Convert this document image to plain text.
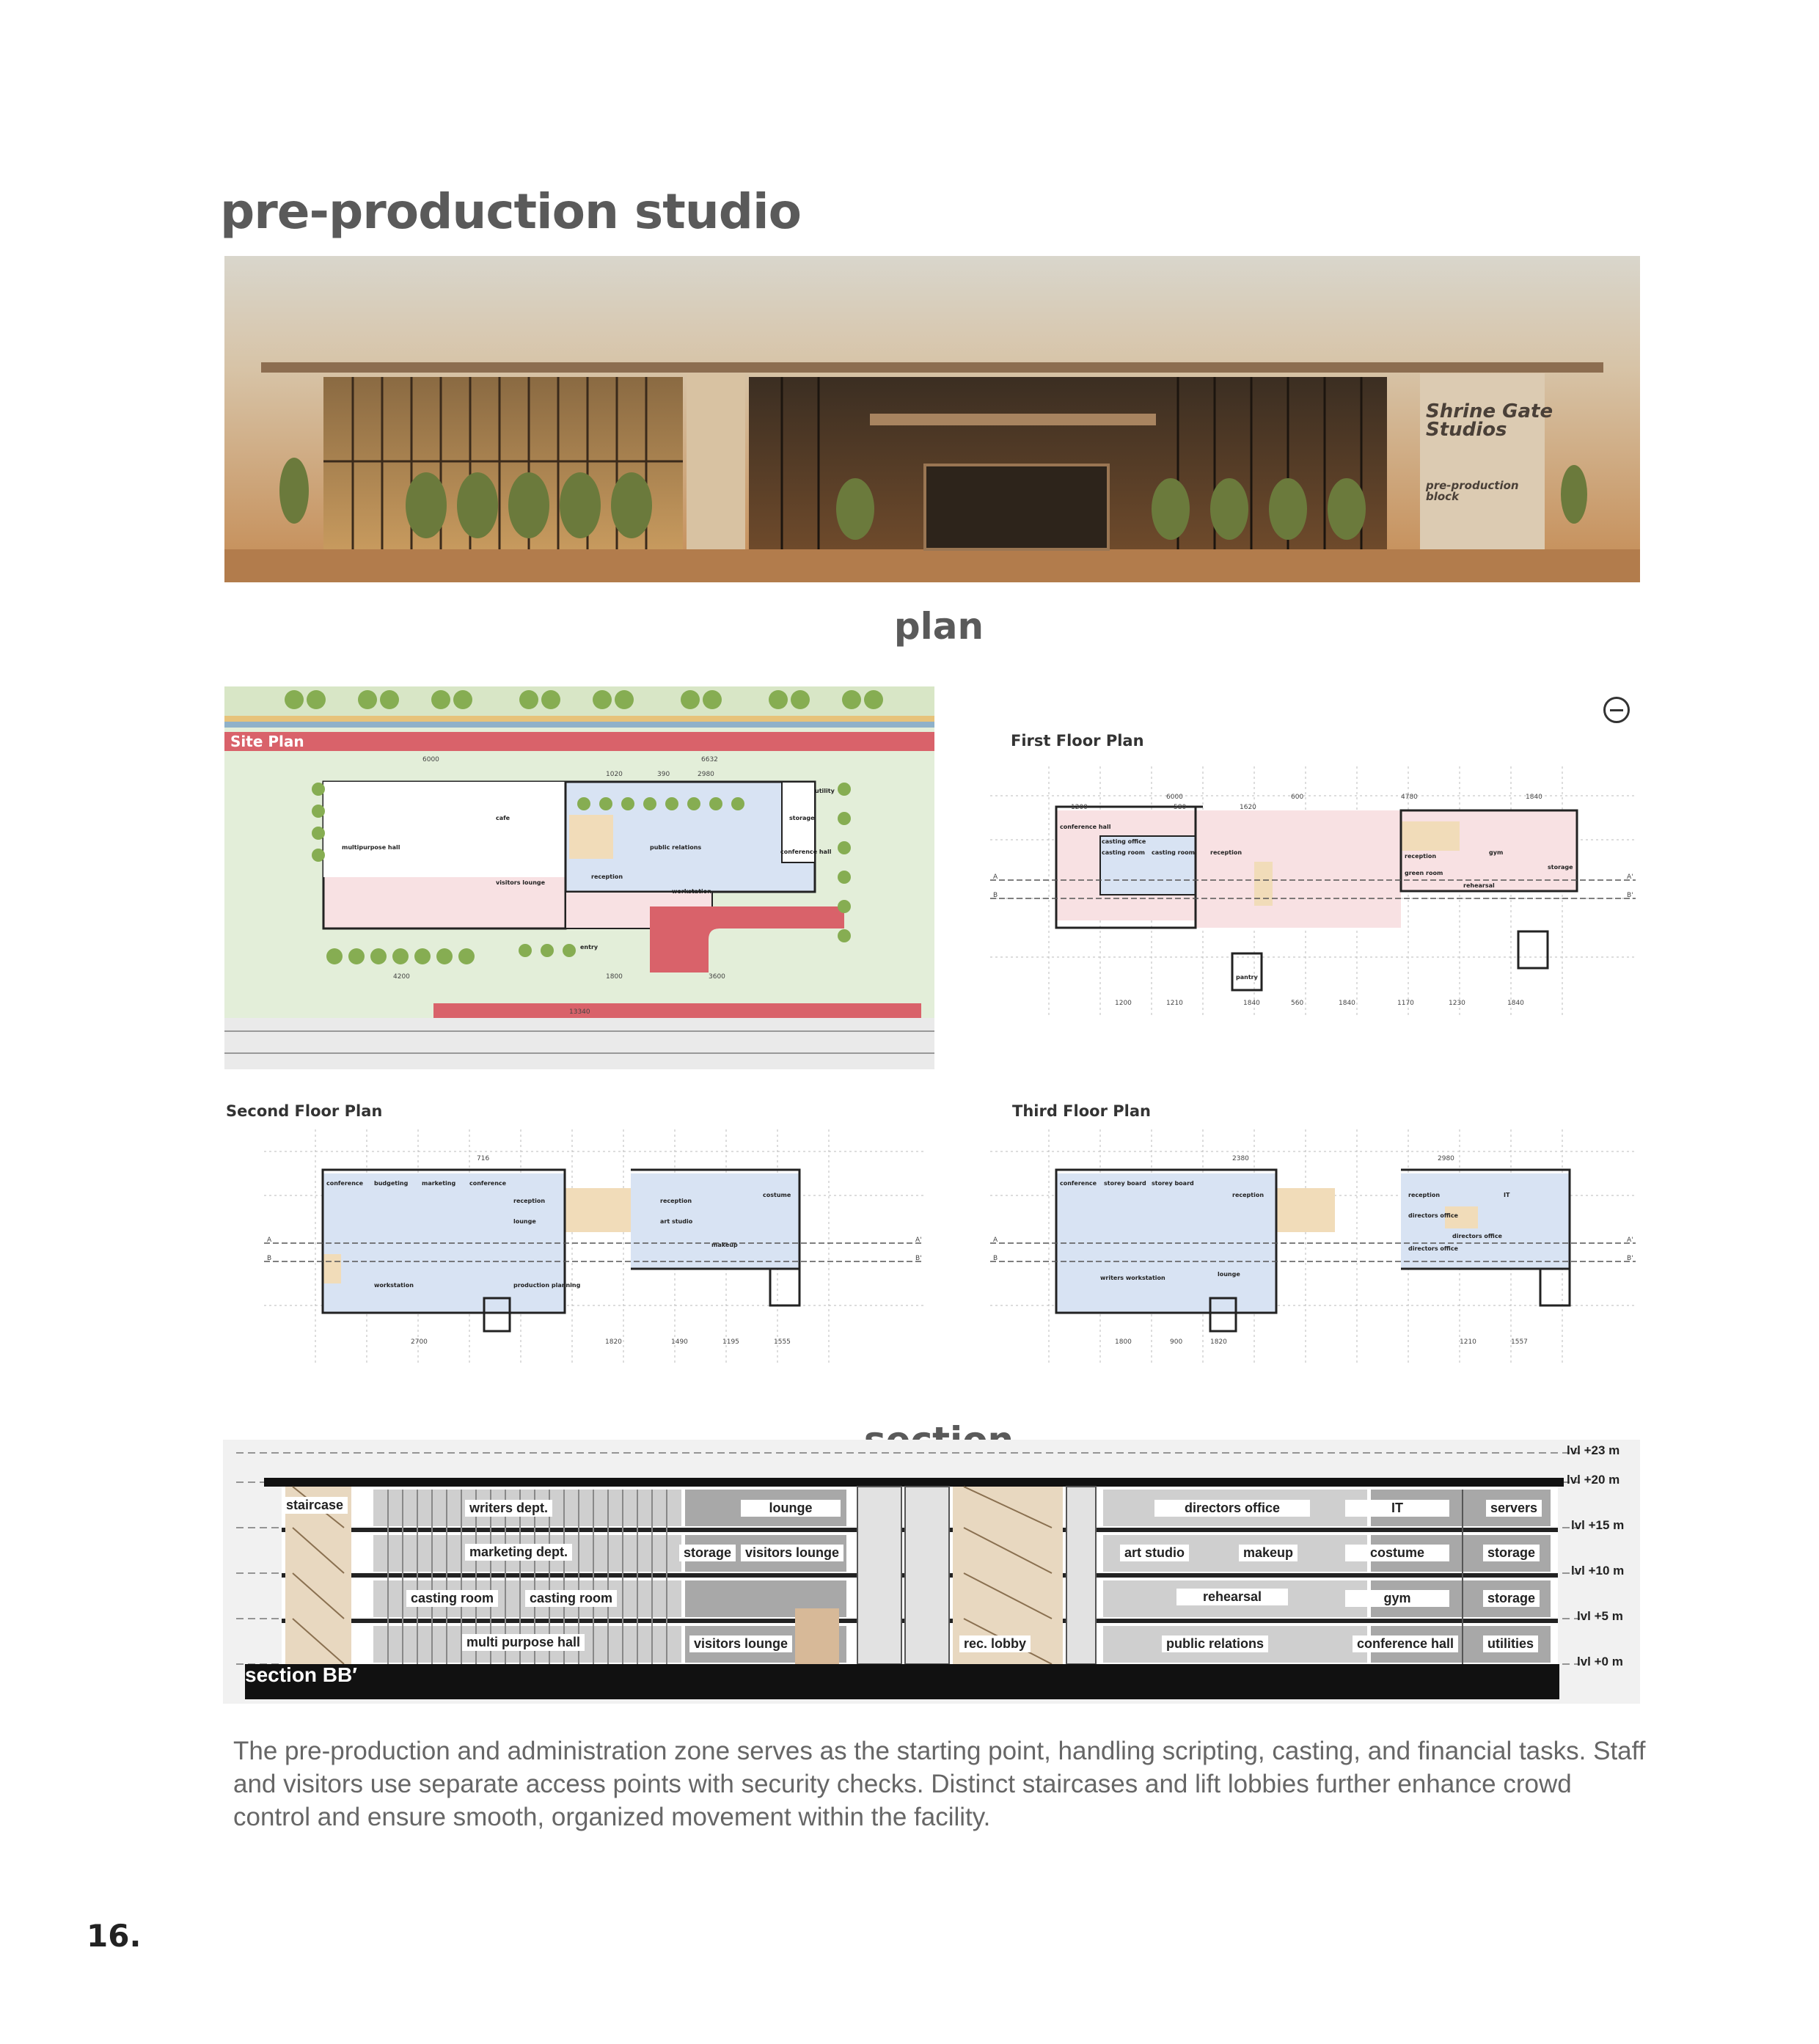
pre-production studio
Shrine Gate
Studios
pre-production
block
plan
Site Plan
6000	6632
1020	390	2980
4200	1800	3600
13340
cafe
multipurpose hall
visitors lounge
reception
public relations
workstation
conference hall
storage
utility
entry
First Floor Plan
A
B
A'
B'
6000	600	4780	1840
1200	580	1620
1200	1210	1840	560	1840	1170	1230	1840
conference hall
casting office
casting room casting room	reception
pantry
reception
green room
rehearsal
gym
storage
Second Floor Plan
A
B
A'
B'
716
2700	1820	1490	1195	1555
conference budgeting marketing conference
reception
lounge
workstation	production planning
reception
art studio
costume
makeup
Third Floor Plan
A
B
A'
B'
2380	2980
1800	900	1820	1210	1557
conference storey board storey board
reception
writers workstation
lounge
reception
directors office
directors office
directors office
IT
staircase	writers dept.	lounge	directors office	IT	servers
marketing dept.	storage	visitors lounge	art studio	makeup	costume	storage
casting room	casting room	rehearsal	gym	storage
multi purpose hall	visitors lounge	rec. lobby	public relations	conference hall	utilities
lvl +23 m
lvl +20 m
lvl +15 m
lvl +10 m
lvl +5 m
lvl +0 m
section BB′
The pre-production and administration zone serves as the starting point, handling scripting, casting, and financial tasks. Staff and visitors use separate access points with security checks. Distinct staircases and lift lobbies further enhance crowd control and ensure smooth, organized movement within the facility.
16.
